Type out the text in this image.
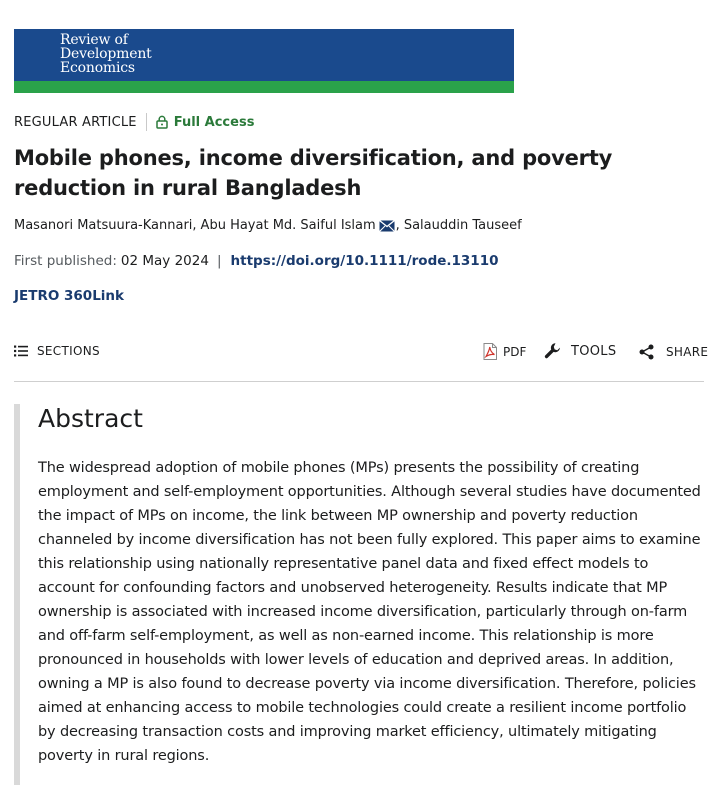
Review of
Development
Economics
REGULAR ARTICLE	Full Access
Mobile phones, income diversification, and poverty reduction in rural Bangladesh
Masanori Matsuura-Kannari , Abu Hayat Md. Saiful Islam , Salauddin Tauseef
First published: 02 May 2024 | https://doi.org/10.1111/rode.13110
JETRO 360Link
SECTIONS	PDF	TOOLS	SHARE
Abstract

The widespread adoption of mobile phones (MPs) presents the possibility of creating employment and self-employment opportunities. Although several studies have documented the impact of MPs on income, the link between MP ownership and poverty reduction channeled by income diversification has not been fully explored. This paper aims to examine this relationship using nationally representative panel data and fixed effect models to account for confounding factors and unobserved heterogeneity. Results indicate that MP ownership is associated with increased income diversification, particularly through on-farm and off-farm self-employment, as well as non-earned income. This relationship is more pronounced in households with lower levels of education and deprived areas. In addition, owning a MP is also found to decrease poverty via income diversification. Therefore, policies aimed at enhancing access to mobile technologies could create a resilient income portfolio by decreasing transaction costs and improving market efficiency, ultimately mitigating poverty in rural regions.
